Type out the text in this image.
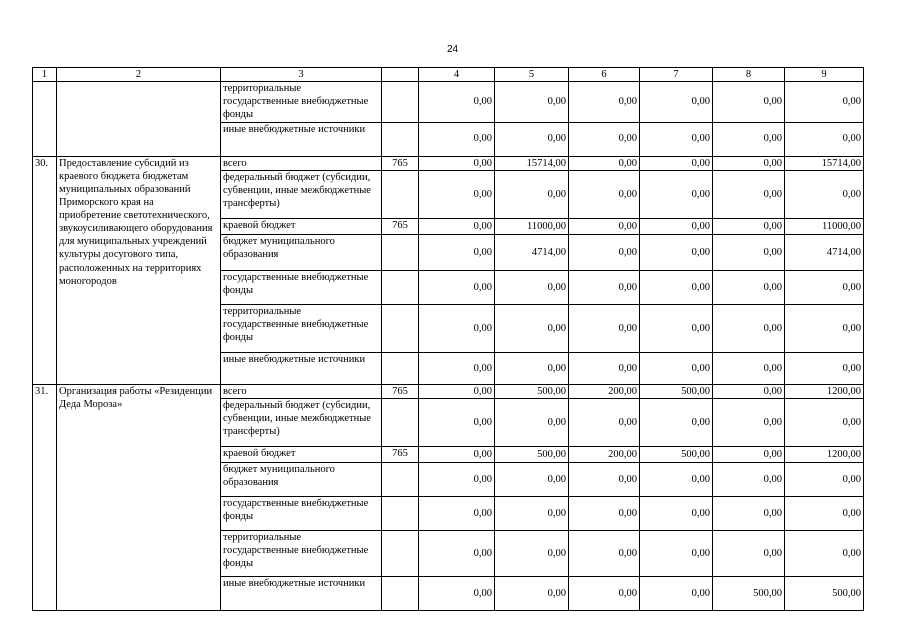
24
1	2	3		4	5	6	7	8	9
		территориальные государственные внебюджетные фонды		0,00	0,00	0,00	0,00	0,00	0,00
		иные внебюджетные источники		0,00	0,00	0,00	0,00	0,00	0,00
30.	Предоставление субсидий из краевого бюджета бюджетам муниципальных образований Приморского края на приобретение светотехнического, звукоусиливающего оборудования для муниципальных учреждений культуры досугового типа, расположенных на территориях моногородов	всего	765	0,00	15714,00	0,00	0,00	0,00	15714,00
		федеральный бюджет (субсидии, субвенции, иные межбюджетные трансферты)		0,00	0,00	0,00	0,00	0,00	0,00
		краевой бюджет	765	0,00	11000,00	0,00	0,00	0,00	11000,00
		бюджет муниципального образования		0,00	4714,00	0,00	0,00	0,00	4714,00
		государственные внебюджетные фонды		0,00	0,00	0,00	0,00	0,00	0,00
		территориальные государственные внебюджетные фонды		0,00	0,00	0,00	0,00	0,00	0,00
		иные внебюджетные источники		0,00	0,00	0,00	0,00	0,00	0,00
31.	Организация работы «Резиденции Деда Мороза»	всего	765	0,00	500,00	200,00	500,00	0,00	1200,00
		федеральный бюджет (субсидии, субвенции, иные межбюджетные трансферты)		0,00	0,00	0,00	0,00	0,00	0,00
		краевой бюджет	765	0,00	500,00	200,00	500,00	0,00	1200,00
		бюджет муниципального образования		0,00	0,00	0,00	0,00	0,00	0,00
		государственные внебюджетные фонды		0,00	0,00	0,00	0,00	0,00	0,00
		территориальные государственные внебюджетные фонды		0,00	0,00	0,00	0,00	0,00	0,00
		иные внебюджетные источники		0,00	0,00	0,00	0,00	500,00	500,00
